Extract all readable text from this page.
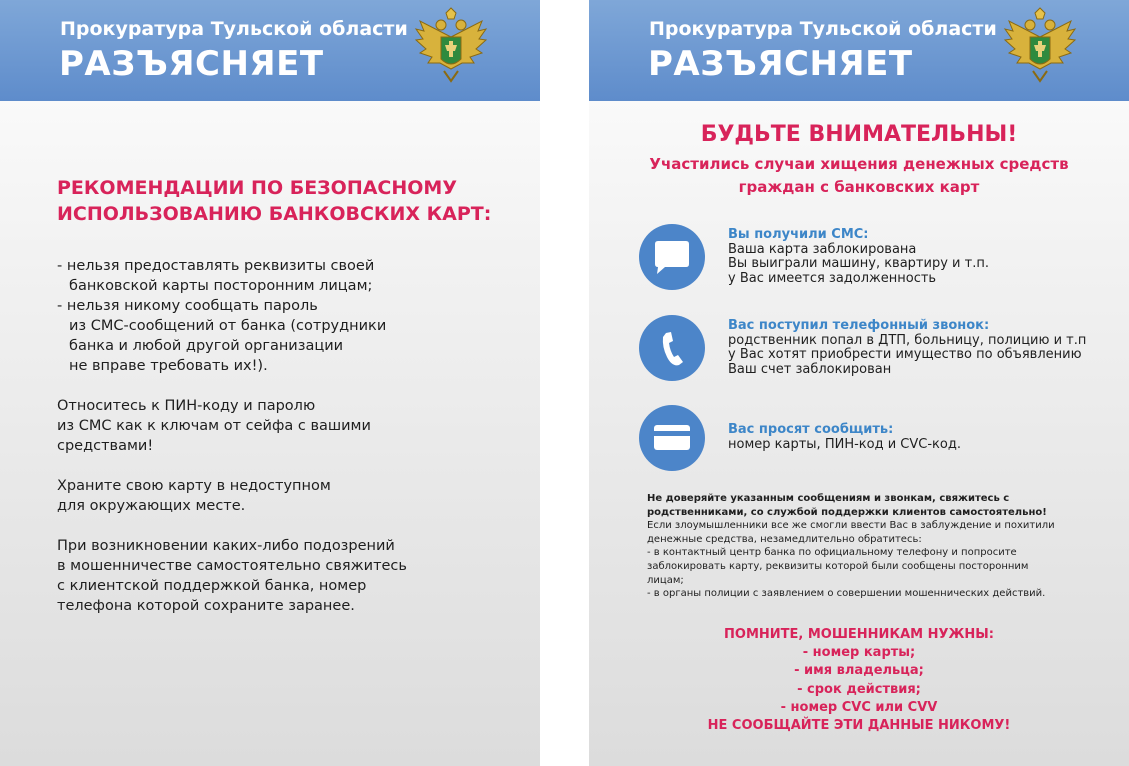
Прокуратура Тульской области
РАЗЪЯСНЯЕТ
РЕКОМЕНДАЦИИ ПО БЕЗОПАСНОМУ
ИСПОЛЬЗОВАНИЮ БАНКОВСКИХ КАРТ:
- нельзя предоставлять реквизиты своей
банковской карты посторонним лицам;
- нельзя никому сообщать пароль
из СМС-сообщений от банка (сотрудники
банка и любой другой организации
не вправе требовать их!).
Относитесь к ПИН-коду и паролю
из СМС как к ключам от сейфа с вашими
средствами!
Храните свою карту в недоступном
для окружающих месте.
При возникновении каких-либо подозрений
в мошенничестве самостоятельно свяжитесь
с клиентской поддержкой банка, номер
телефона которой сохраните заранее.
Прокуратура Тульской области
РАЗЪЯСНЯЕТ
БУДЬТЕ ВНИМАТЕЛЬНЫ!
Участились случаи хищения денежных средств
граждан с банковских карт
Вы получили СМС:
Ваша карта заблокирована
Вы выиграли машину, квартиру и т.п.
у Вас имеется задолженность
Вас поступил телефонный звонок:
родственник попал в ДТП, больницу, полицию и т.п
у Вас хотят приобрести имущество по объявлению
Ваш счет заблокирован
Вас просят сообщить:
номер карты, ПИН-код и CVC-код.
Не доверяйте указанным сообщениям и звонкам, свяжитесь с
родственниками, со службой поддержки клиентов самостоятельно!
Если злоумышленники все же смогли ввести Вас в заблуждение и похитили
денежные средства, незамедлительно обратитесь:
- в контактный центр банка по официальному телефону и попросите
заблокировать карту, реквизиты которой были сообщены посторонним
лицам;
- в органы полиции с заявлением о совершении мошеннических действий.
ПОМНИТЕ, МОШЕННИКАМ НУЖНЫ:
- номер карты;
- имя владельца;
- срок действия;
- номер CVC или CVV
НЕ СООБЩАЙТЕ ЭТИ ДАННЫЕ НИКОМУ!
